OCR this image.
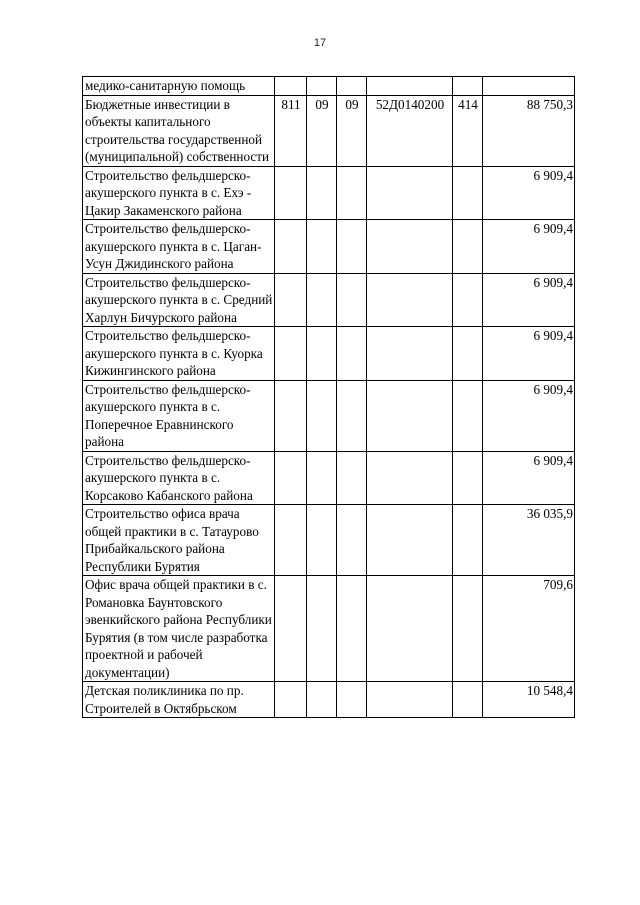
17
медико-санитарную помощь						
Бюджетные инвестиции в объекты капитального строительства государственной (муниципальной) собственности	811	09	09	52Д0140200	414	88 750,3
Строительство фельдшерско-акушерского пункта в с. Ехэ - Цакир Закаменского района						6 909,4
Строительство фельдшерско-акушерского пункта в с. Цаган-Усун Джидинского района						6 909,4
Строительство фельдшерско-акушерского пункта в с. Средний Харлун Бичурского района						6 909,4
Строительство фельдшерско-акушерского пункта в с. Куорка Кижингинского района						6 909,4
Строительство фельдшерско-акушерского пункта в с. Поперечное Еравнинского района						6 909,4
Строительство фельдшерско-акушерского пункта в с. Корсаково Кабанского района						6 909,4
Строительство офиса врача общей практики в с. Татаурово Прибайкальского района Республики Бурятия						36 035,9
Офис врача общей практики в с. Романовка Баунтовского эвенкийского района Республики Бурятия (в том числе разработка проектной и рабочей документации)						709,6
Детская поликлиника по пр. Строителей в Октябрьском						10 548,4
